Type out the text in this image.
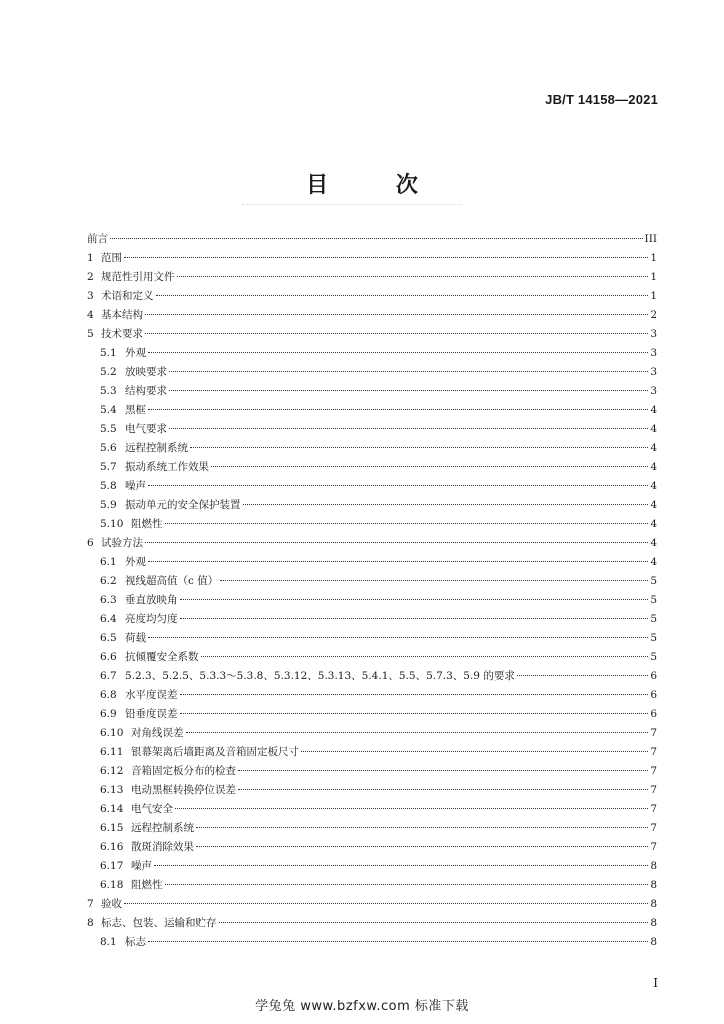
JB/T 14158—2021
目 次
前言	III
1 范围	1
2 规范性引用文件	1
3 术语和定义	1
4 基本结构	2
5 技术要求	3
5.1 外观	3
5.2 放映要求	3
5.3 结构要求	3
5.4 黑框	4
5.5 电气要求	4
5.6 远程控制系统	4
5.7 振动系统工作效果	4
5.8 噪声	4
5.9 振动单元的安全保护装置	4
5.10 阻燃性	4
6 试验方法	4
6.1 外观	4
6.2 视线超高值（c 值）	5
6.3 垂直放映角	5
6.4 亮度均匀度	5
6.5 荷载	5
6.6 抗倾覆安全系数	5
6.7 5.2.3、5.2.5、5.3.3～5.3.8、5.3.12、5.3.13、5.4.1、5.5、5.7.3、5.9 的要求	6
6.8 水平度误差	6
6.9 铅垂度误差	6
6.10 对角线误差	7
6.11 银幕架离后墙距离及音箱固定板尺寸	7
6.12 音箱固定板分布的检查	7
6.13 电动黑框转换停位误差	7
6.14 电气安全	7
6.15 远程控制系统	7
6.16 散斑消除效果	7
6.17 噪声	8
6.18 阻燃性	8
7 验收	8
8 标志、包装、运输和贮存	8
8.1 标志	8
I
学兔兔 www.bzfxw.com 标准下载
